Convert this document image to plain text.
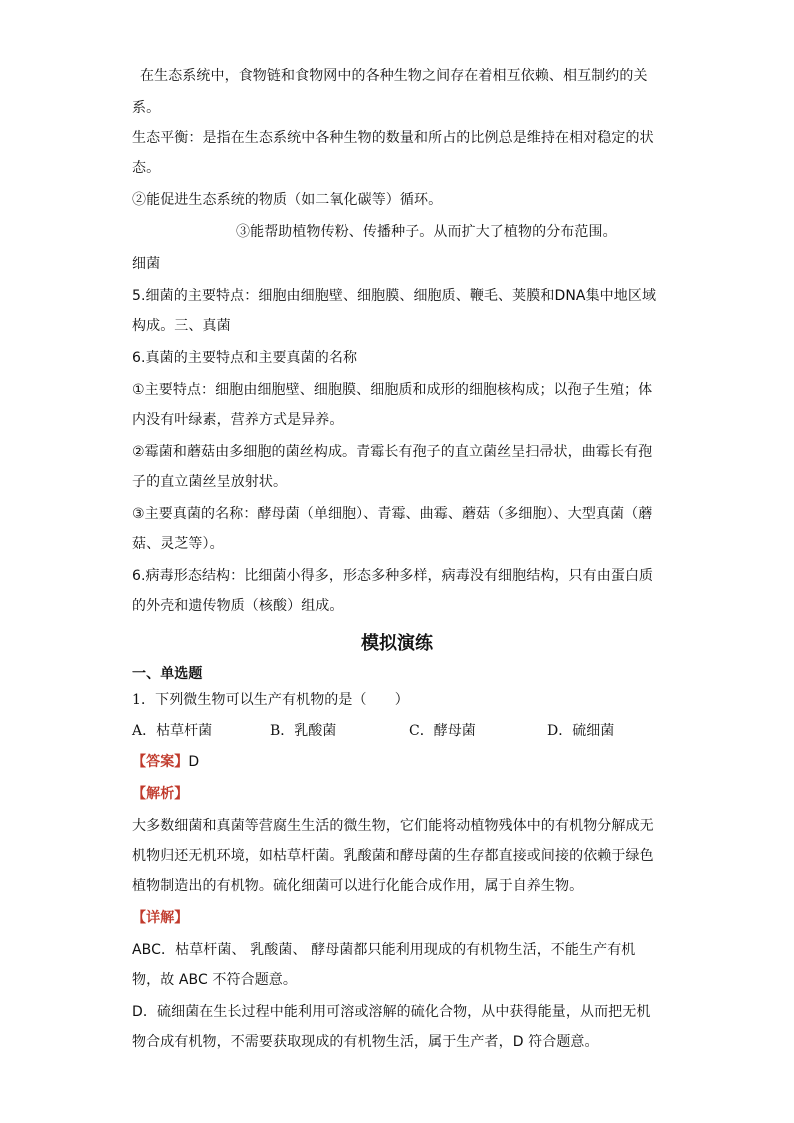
在生态系统中，食物链和食物网中的各种生物之间存在着相互依赖、相互制约的关
系。
生态平衡：是指在生态系统中各种生物的数量和所占的比例总是维持在相对稳定的状
态。
②能促进生态系统的物质（如二氧化碳等）循环。
③能帮助植物传粉、传播种子。从而扩大了植物的分布范围。
细菌
5.细菌的主要特点：细胞由细胞壁、细胞膜、细胞质、鞭毛、荚膜和DNA集中地区域
构成。三、真菌
6.真菌的主要特点和主要真菌的名称
①主要特点：细胞由细胞壁、细胞膜、细胞质和成形的细胞核构成；以孢子生殖；体
内没有叶绿素，营养方式是异养。
②霉菌和蘑菇由多细胞的菌丝构成。青霉长有孢子的直立菌丝呈扫帚状，曲霉长有孢
子的直立菌丝呈放射状。
③主要真菌的名称：酵母菌（单细胞）、青霉、曲霉、蘑菇（多细胞）、大型真菌（蘑
菇、灵芝等）。
6.病毒形态结构：比细菌小得多，形态多种多样，病毒没有细胞结构，只有由蛋白质
的外壳和遗传物质（核酸）组成。
模拟演练
一、单选题
1．下列微生物可以生产有机物的是（　　）
A．枯草杆菌	B．乳酸菌	C．酵母菌	D．硫细菌
【答案】D
【解析】
大多数细菌和真菌等营腐生生活的微生物，它们能将动植物残体中的有机物分解成无
机物归还无机环境，如枯草杆菌。乳酸菌和酵母菌的生存都直接或间接的依赖于绿色
植物制造出的有机物。硫化细菌可以进行化能合成作用，属于自养生物。
【详解】
ABC．枯草杆菌、 乳酸菌、 酵母菌都只能利用现成的有机物生活，不能生产有机
物，故 ABC 不符合题意。
D．硫细菌在生长过程中能利用可溶或溶解的硫化合物，从中获得能量，从而把无机
物合成有机物，不需要获取现成的有机物生活，属于生产者，D 符合题意。
